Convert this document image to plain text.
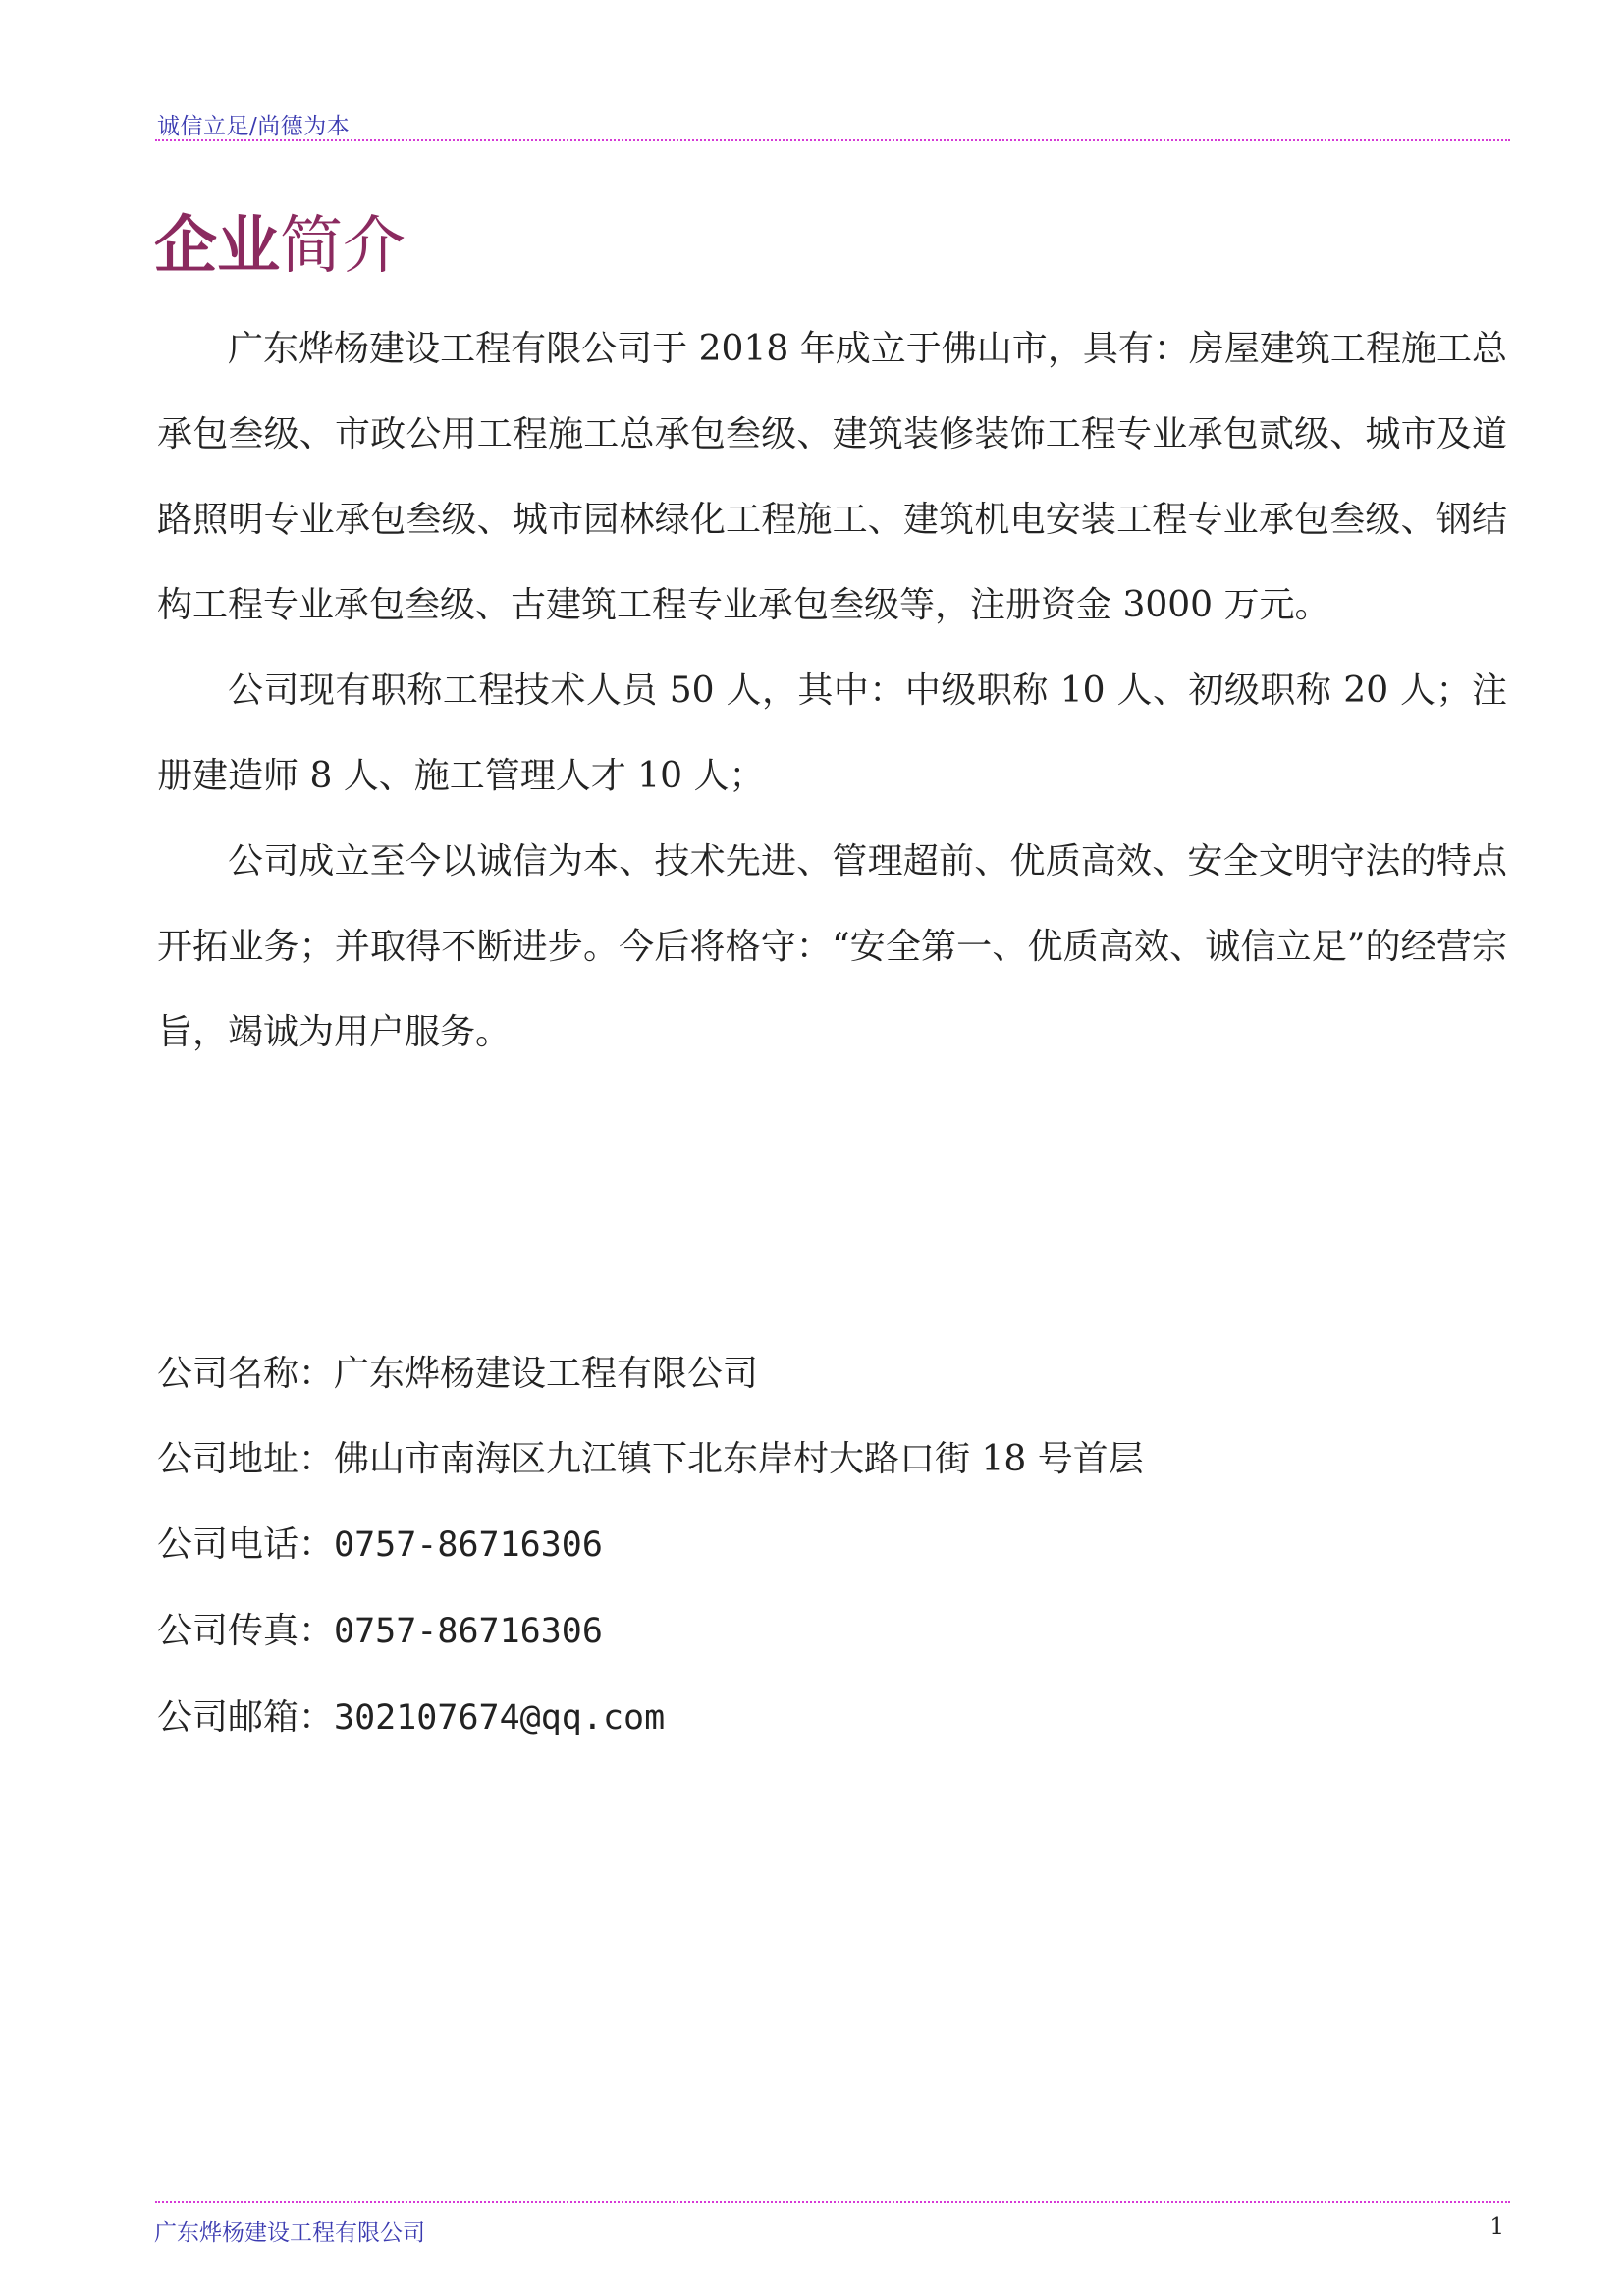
诚信立足/尚德为本
企业简介

广东烨杨建设工程有限公司于 2018 年成立于佛山市，具有：房屋建筑工程施工总承包叁级、市政公用工程施工总承包叁级、建筑装修装饰工程专业承包贰级、城市及道路照明专业承包叁级、城市园林绿化工程施工、建筑机电安装工程专业承包叁级、钢结构工程专业承包叁级、古建筑工程专业承包叁级等，注册资金 3000 万元。

公司现有职称工程技术人员 50 人，其中：中级职称 10 人、初级职称 20 人；注册建造师 8 人、施工管理人才 10 人；

公司成立至今以诚信为本、技术先进、管理超前、优质高效、安全文明守法的特点开拓业务；并取得不断进步。今后将格守：“安全第一、优质高效、诚信立足”的经营宗旨，竭诚为用户服务。

公司名称：广东烨杨建设工程有限公司
公司地址：佛山市南海区九江镇下北东岸村大路口街 18 号首层
公司电话：0757-86716306
公司传真：0757-86716306
公司邮箱：302107674@qq.com
广东烨杨建设工程有限公司	1
